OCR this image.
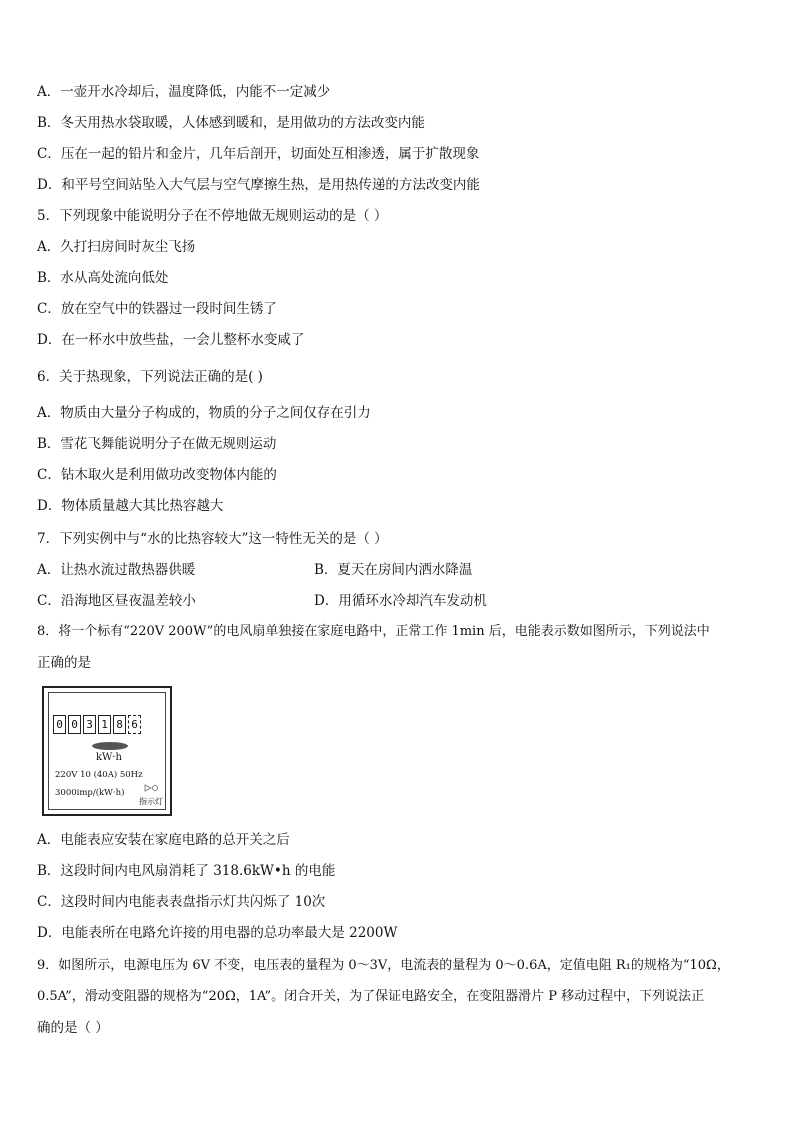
A．一壶开水冷却后，温度降低，内能不一定减少
B．冬天用热水袋取暖，人体感到暖和，是用做功的方法改变内能
C．压在一起的铅片和金片，几年后剖开，切面处互相渗透，属于扩散现象
D．和平号空间站坠入大气层与空气摩擦生热，是用热传递的方法改变内能
5．下列现象中能说明分子在不停地做无规则运动的是（ ）
A．久打扫房间时灰尘飞扬
B．水从高处流向低处
C．放在空气中的铁器过一段时间生锈了
D．在一杯水中放些盐，一会儿整杯水变咸了
6．关于热现象，下列说法正确的是( )
A．物质由大量分子构成的，物质的分子之间仅存在引力
B．雪花飞舞能说明分子在做无规则运动
C．钻木取火是利用做功改变物体内能的
D．物体质量越大其比热容越大
7．下列实例中与“水的比热容较大”这一特性无关的是（ ）
A．让热水流过散热器供暖	B．夏天在房间内洒水降温
C．沿海地区昼夜温差较小	D．用循环水冷却汽车发动机
8．将一个标有“220V 200W”的电风扇单独接在家庭电路中，正常工作 1min 后，电能表示数如图所示，下列说法中
正确的是
0 0 3 1 8 6
kW·h
220V 10 (40A) 50Hz
3000imp/(kW·h)
指示灯
A．电能表应安装在家庭电路的总开关之后
B．这段时间内电风扇消耗了 318.6kW•h 的电能
C．这段时间内电能表表盘指示灯共闪烁了 10次
D．电能表所在电路允许接的用电器的总功率最大是 2200W
9．如图所示，电源电压为 6V 不变，电压表的量程为 0～3V，电流表的量程为 0～0.6A，定值电阻 R₁的规格为“10Ω，
0.5A”，滑动变阻器的规格为“20Ω，1A”。闭合开关，为了保证电路安全，在变阻器滑片 P 移动过程中，下列说法正
确的是（ ）
